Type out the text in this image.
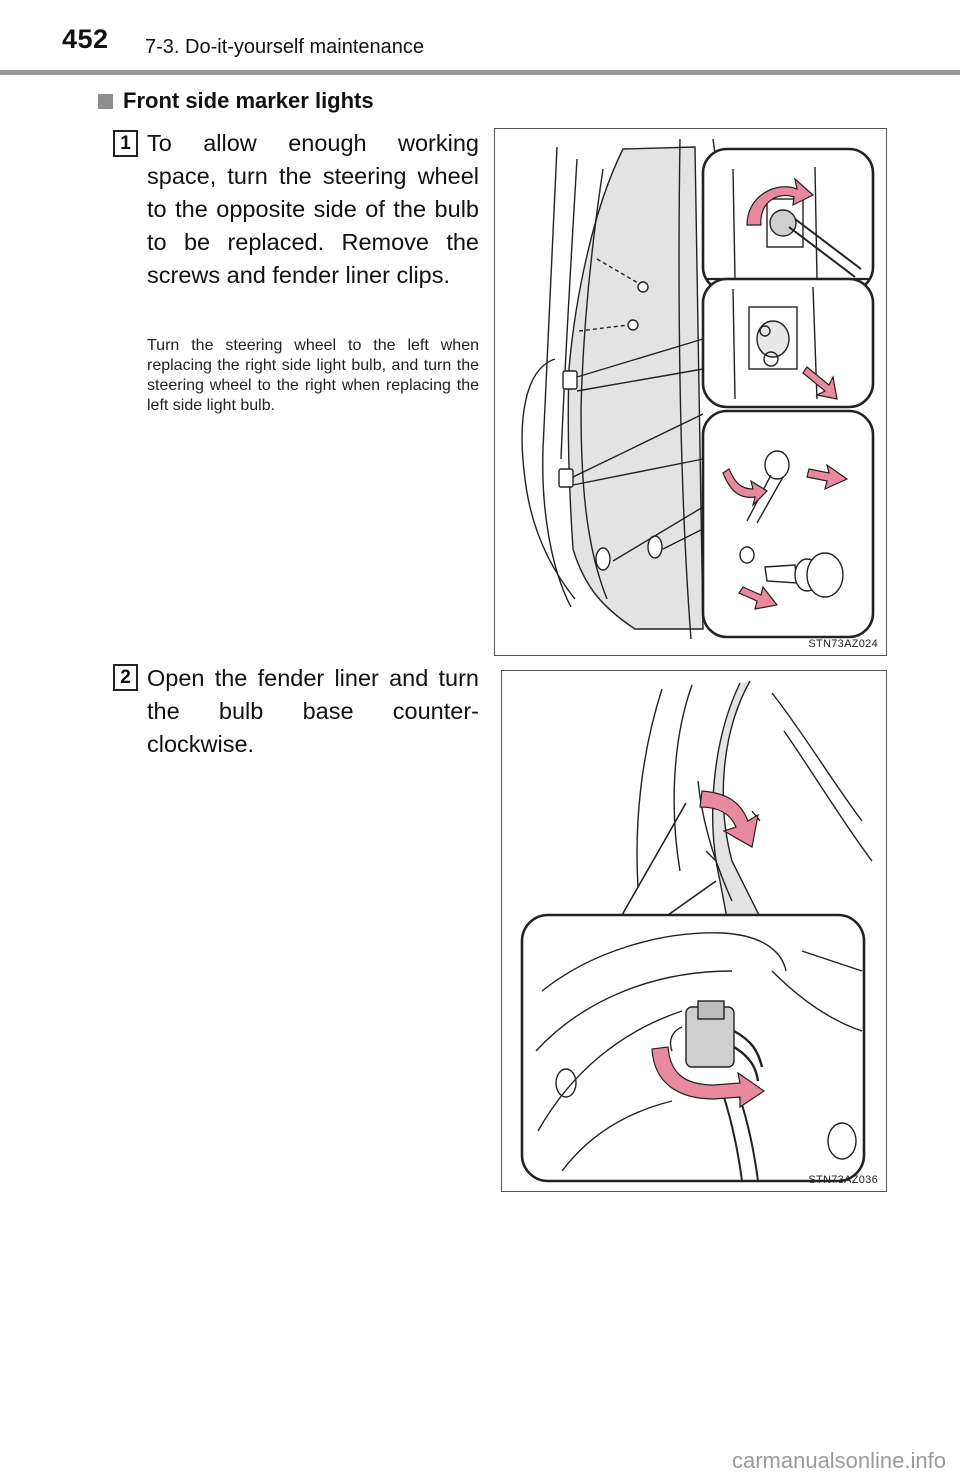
452 7-3. Do-it-yourself maintenance
Front side marker lights
1 To allow enough working space, turn the steering wheel to the opposite side of the bulb to be replaced. Remove the screws and fender liner clips.
Turn the steering wheel to the left when replacing the right side light bulb, and turn the steering wheel to the right when replacing the left side light bulb.
STN73AZ024
2 Open the fender liner and turn the bulb base counter-clockwise.
STN73AZ036
carmanualsonline.info
